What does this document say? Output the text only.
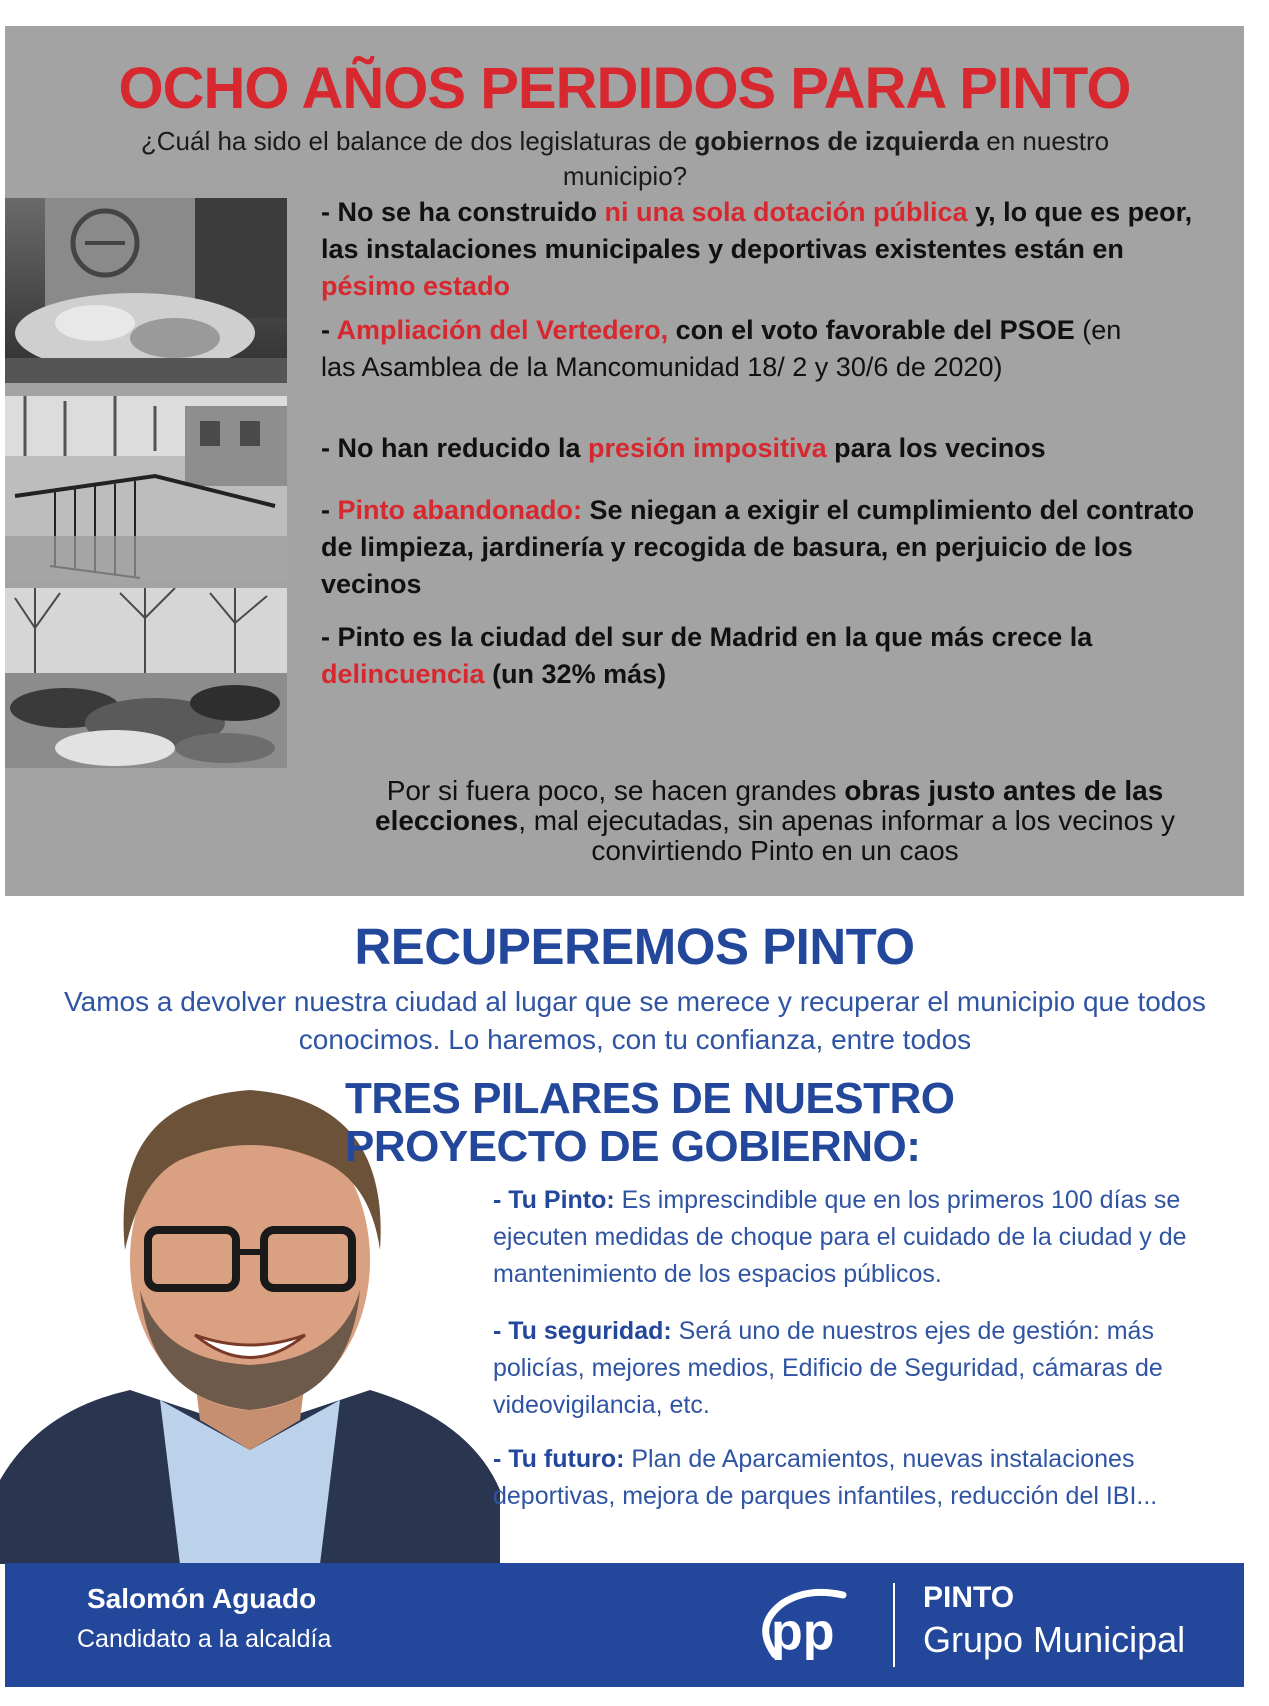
OCHO AÑOS PERDIDOS PARA PINTO
¿Cuál ha sido el balance de dos legislaturas de gobiernos de izquierda en nuestro municipio?
- No se ha construido ni una sola dotación pública y, lo que es peor, las instalaciones municipales y deportivas existentes están en pésimo estado
- Ampliación del Vertedero, con el voto favorable del PSOE (en las Asamblea de la Mancomunidad 18/ 2 y 30/6 de 2020)
- No han reducido la presión impositiva para los vecinos
- Pinto abandonado: Se niegan a exigir el cumplimiento del contrato de limpieza, jardinería y recogida de basura, en perjuicio de los vecinos
- Pinto es la ciudad del sur de Madrid en la que más crece la delincuencia (un 32% más)
Por si fuera poco, se hacen grandes obras justo antes de las elecciones, mal ejecutadas, sin apenas informar a los vecinos y convirtiendo Pinto en un caos
RECUPEREMOS PINTO
Vamos a devolver nuestra ciudad al lugar que se merece y recuperar el municipio que todos conocimos. Lo haremos, con tu confianza, entre todos
TRES PILARES DE NUESTRO
PROYECTO DE GOBIERNO:
- Tu Pinto: Es imprescindible que en los primeros 100 días se ejecuten medidas de choque para el cuidado de la ciudad y de mantenimiento de los espacios públicos.
- Tu seguridad: Será uno de nuestros ejes de gestión: más policías, mejores medios, Edificio de Seguridad, cámaras de videovigilancia, etc.
- Tu futuro: Plan de Aparcamientos, nuevas instalaciones deportivas, mejora de parques infantiles, reducción del IBI...
Salomón Aguado
Candidato a la alcaldía	pp
PINTO
Grupo Municipal
